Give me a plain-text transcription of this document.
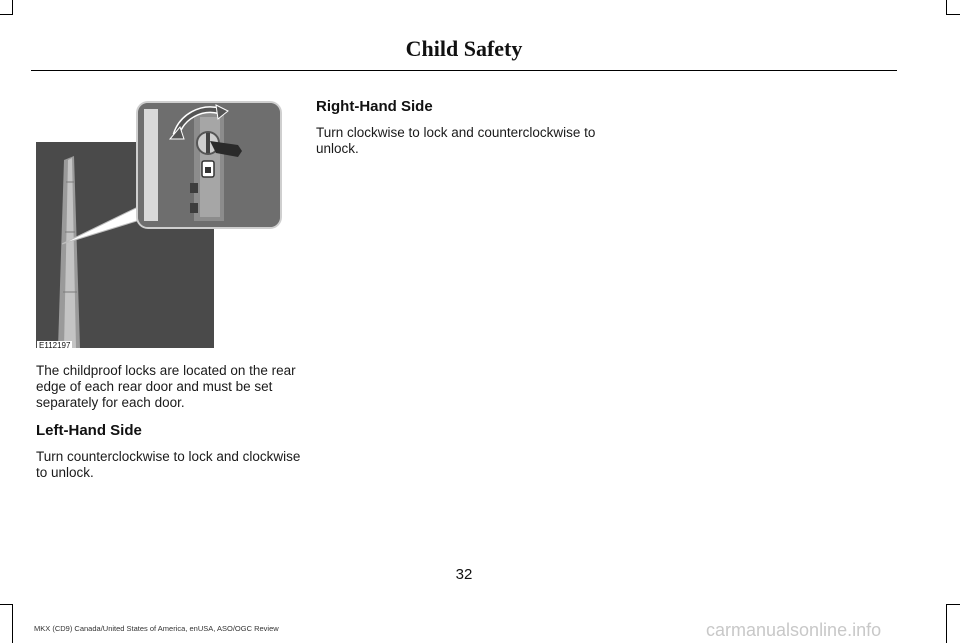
Child Safety
E112197
The childproof locks are located on the rear edge of each rear door and must be set separately for each door.
Left-Hand Side
Turn counterclockwise to lock and clockwise to unlock.
Right-Hand Side
Turn clockwise to lock and counterclockwise to unlock.
32
MKX (CD9) Canada/United States of America, enUSA, ASO/OGC Review	carmanualsonline.info
